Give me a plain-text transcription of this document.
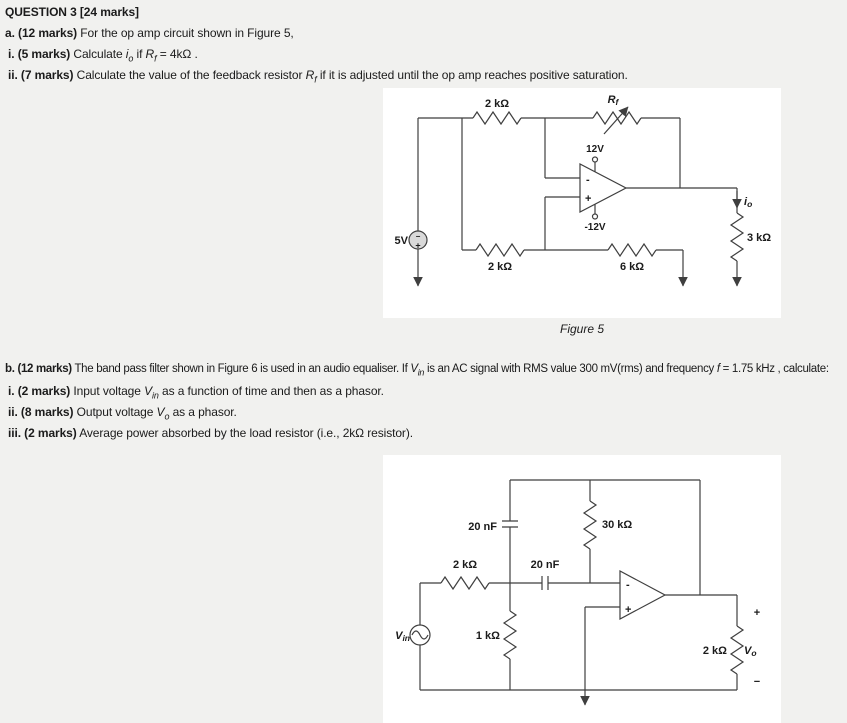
QUESTION 3 [24 marks]
a. (12 marks) For the op amp circuit shown in Figure 5,
i. (5 marks) Calculate $i_o$ if $R_f = 4k\Omega$ .
ii. (7 marks) Calculate the value of the feedback resistor $R_f$ if it is adjusted until the op amp reaches positive saturation.
b. (12 marks) The band pass filter shown in Figure 6 is used in an audio equaliser. If $V_{in}$ is an AC signal with RMS value 300 mV(rms) and frequency f = 1.75 kHz , calculate:
i. (2 marks) Input voltage $V_{in}$ as a function of time and then as a phasor.
ii. (8 marks) Output voltage $V_o$ as a phasor.
iii. (2 marks) Average power absorbed by the load resistor (i.e., 2kΩ resistor).
2 kΩ	Rf
12V
-12V
5V −
+
2 kΩ	6 kΩ
3 kΩ
io
-
+
Figure 5
20 nF	30 kΩ
2 kΩ	20 nF
Vin	1 kΩ
2 kΩ Vo
+
−
-
+
